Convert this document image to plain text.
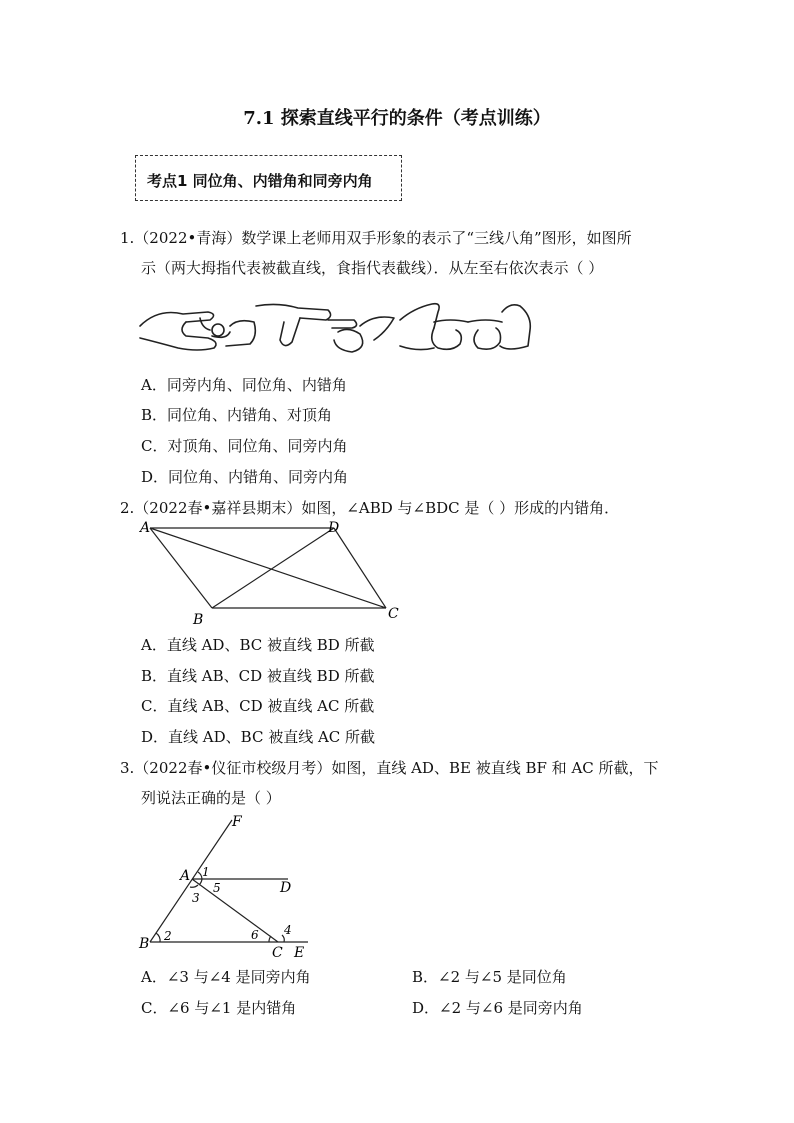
7.1 探索直线平行的条件（考点训练）
考点1 同位角、内错角和同旁内角
1.（2022•青海）数学课上老师用双手形象的表示了“三线八角”图形，如图所
示（两大拇指代表被截直线，食指代表截线）．从左至右依次表示（ ）
A．同旁内角、同位角、内错角
B．同位角、内错角、对顶角
C．对顶角、同位角、同旁内角
D．同位角、内错角、同旁内角
2.（2022春•嘉祥县期末）如图，∠ABD 与∠BDC 是（ ）形成的内错角．
A	D
B	C
A．直线 AD、BC 被直线 BD 所截
B．直线 AB、CD 被直线 BD 所截
C．直线 AB、CD 被直线 AC 所截
D．直线 AD、BC 被直线 AC 所截
3.（2022春•仪征市校级月考）如图，直线 AD、BE 被直线 BF 和 AC 所截，下
列说法正确的是（ ）
F
A
D
B
C E
1
5
3
2	6 4
A．∠3 与∠4 是同旁内角	B．∠2 与∠5 是同位角
C．∠6 与∠1 是内错角	D．∠2 与∠6 是同旁内角
